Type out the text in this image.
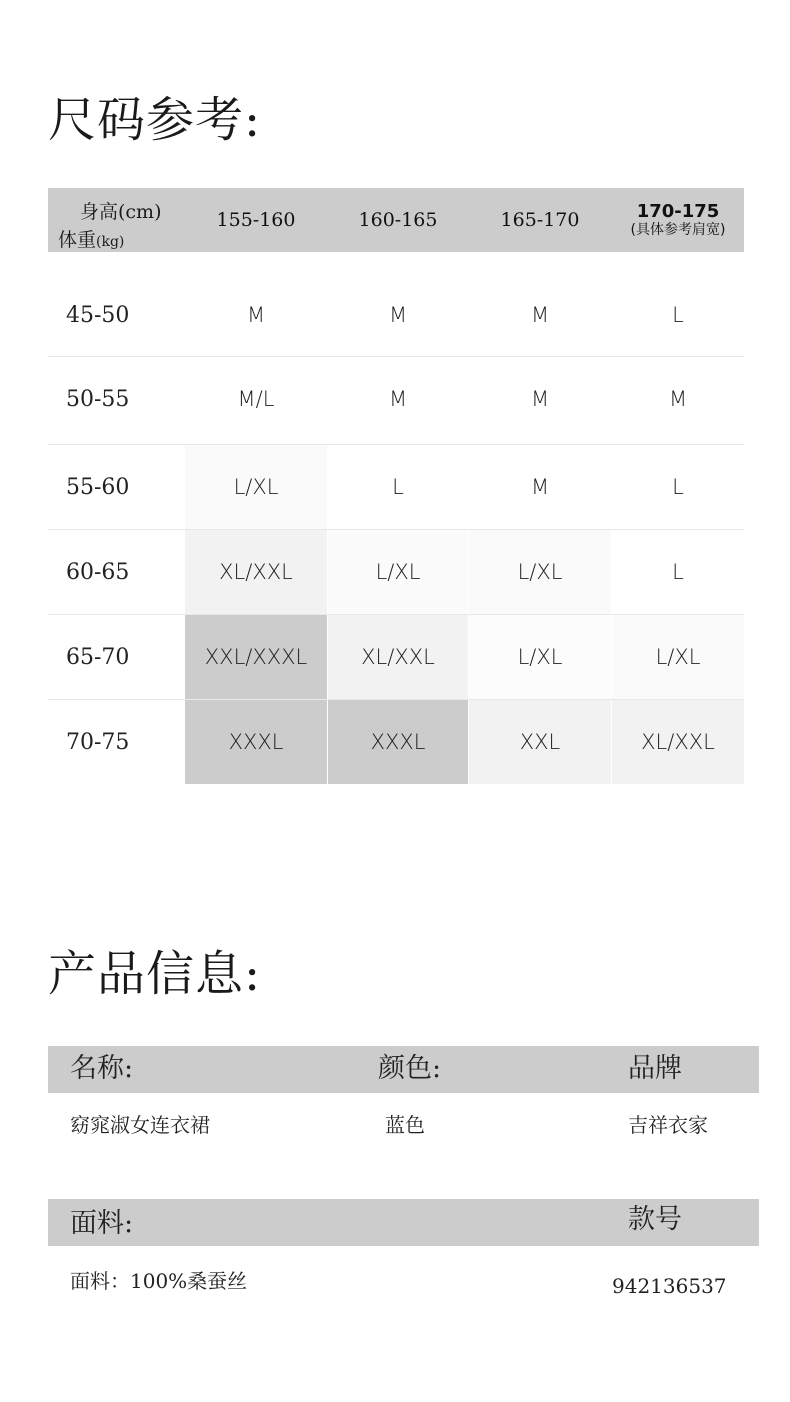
尺码参考:
身高(cm)
体重(kg)
155-160	160-165	165-170	170-175
(具体参考肩宽)
45-50	M	M	M	L
50-55	M/L	M	M	M
55-60	L/XL	L	M	L
60-65	XL/XXL	L/XL	L/XL	L
65-70	XXL/XXXL	XL/XXL	L/XL	L/XL
70-75	XXXL	XXXL	XXL	XL/XXL
产品信息:
名称:	颜色:	品牌
窈窕淑女连衣裙	蓝色	吉祥衣家
面料:	款号
面料：100%桑蚕丝	942136537
